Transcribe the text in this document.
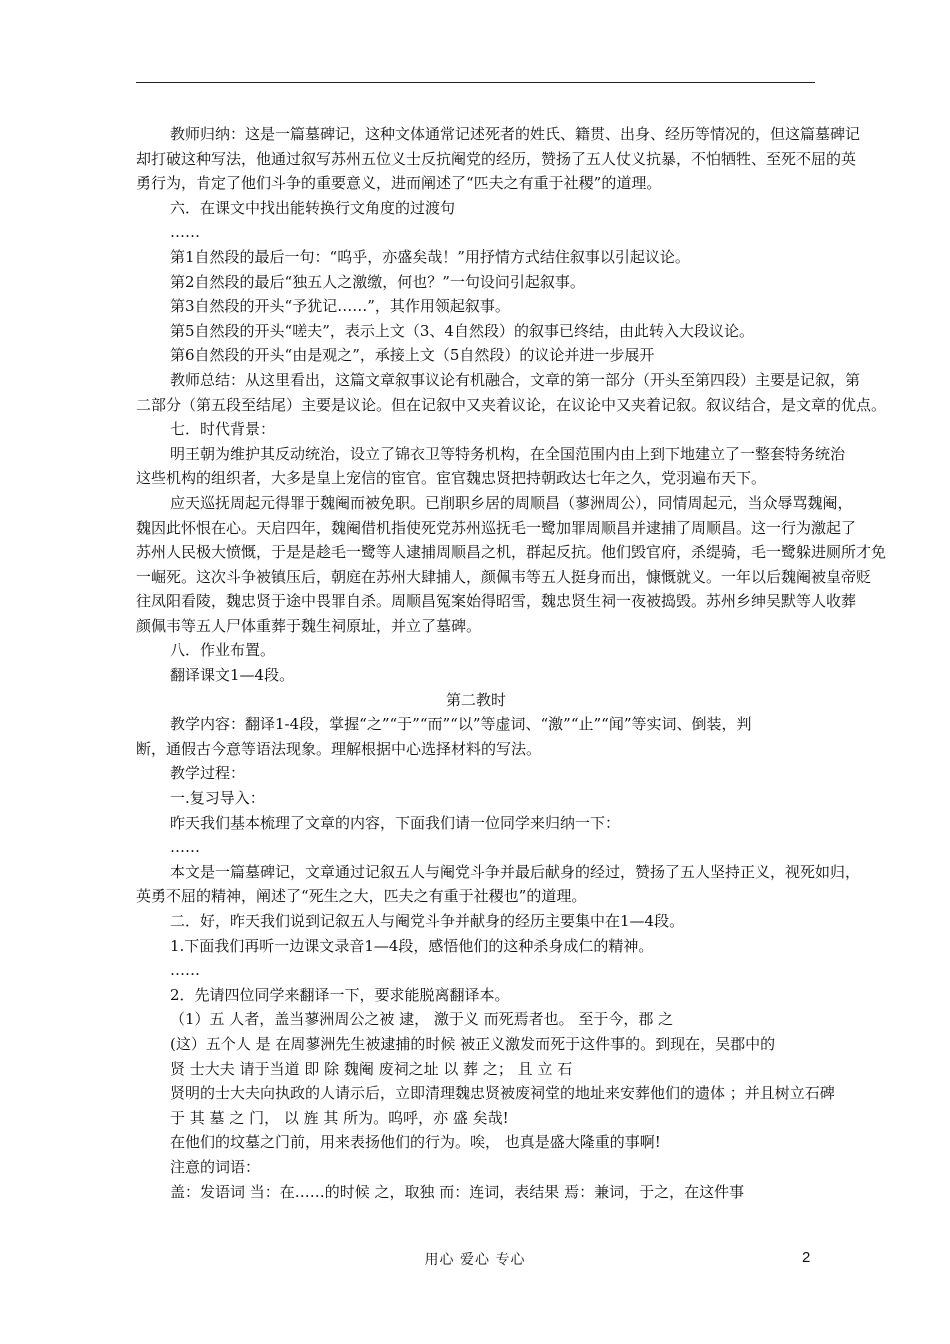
教师归纳：这是一篇墓碑记，这种文体通常记述死者的姓氏、籍贯、出身、经历等情况的，但这篇墓碑记
却打破这种写法，他通过叙写苏州五位义士反抗阉党的经历，赞扬了五人仗义抗暴，不怕牺牲、至死不屈的英
勇行为，肯定了他们斗争的重要意义，进而阐述了“匹夫之有重于社稷”的道理。
六．在课文中找出能转换行文角度的过渡句
……
第1自然段的最后一句：“呜乎，亦盛矣哉！”用抒情方式结住叙事以引起议论。
第2自然段的最后“独五人之激缴，何也？”一句设问引起叙事。
第3自然段的开头“予犹记……”，其作用领起叙事。
第5自然段的开头“嗟夫”，表示上文（3、4自然段）的叙事已终结，由此转入大段议论。
第6自然段的开头“由是观之”，承接上文（5自然段）的议论并进一步展开
教师总结：从这里看出，这篇文章叙事议论有机融合，文章的第一部分（开头至第四段）主要是记叙，第
二部分（第五段至结尾）主要是议论。但在记叙中又夹着议论，在议论中又夹着记叙。叙议结合，是文章的优点。
七．时代背景：
明王朝为维护其反动统治，设立了锦衣卫等特务机构，在全国范围内由上到下地建立了一整套特务统治
这些机构的组织者，大多是皇上宠信的宦官。宦官魏忠贤把持朝政达七年之久，党羽遍布天下。
应天巡抚周起元得罪于魏阉而被免职。已削职乡居的周顺昌（蓼洲周公），同情周起元，当众辱骂魏阉，
魏因此怀恨在心。天启四年，魏阉借机指使死党苏州巡抚毛一鹭加罪周顺昌并逮捕了周顺昌。这一行为激起了
苏州人民极大愤慨，于是是趁毛一鹭等人逮捕周顺昌之机，群起反抗。他们毁官府，杀缇骑，毛一鹭躲进厕所才免
一崛死。这次斗争被镇压后，朝庭在苏州大肆捕人，颜佩韦等五人挺身而出，慷慨就义。一年以后魏阉被皇帝贬
往凤阳看陵，魏忠贤于途中畏罪自杀。周顺昌冤案始得昭雪，魏忠贤生祠一夜被捣毁。苏州乡绅吴默等人收葬
颜佩韦等五人尸体重葬于魏生祠原址，并立了墓碑。
八．作业布置。
翻译课文1—4段。
第二教时
教学内容：翻译1-4段，掌握“之”“于”“而”“以”等虚词、“激”“止”“闻”等实词、倒装，判
断，通假古今意等语法现象。理解根据中心选择材料的写法。
教学过程：
一.复习导入：
昨天我们基本梳理了文章的内容，下面我们请一位同学来归纳一下：
……
本文是一篇墓碑记，文章通过记叙五人与阉党斗争并最后献身的经过，赞扬了五人坚持正义，视死如归，
英勇不屈的精神，阐述了“死生之大，匹夫之有重于社稷也”的道理。
二．好，昨天我们说到记叙五人与阉党斗争并献身的经历主要集中在1—4段。
1.下面我们再听一边课文录音1—4段，感悟他们的这种杀身成仁的精神。
……
2．先请四位同学来翻译一下，要求能脱离翻译本。
（1）五 人者，盖当蓼洲周公之被 逮， 激于义 而死焉者也。 至于今，郡 之
(这）五个人 是 在周蓼洲先生被逮捕的时候 被正义激发而死于这件事的。到现在，吴郡中的
贤 士大夫 请于当道 即 除 魏阉 废祠之址 以 葬 之； 且 立 石
贤明的士大夫向执政的人请示后，立即清理魏忠贤被废祠堂的地址来安葬他们的遗体 ；并且树立石碑
于 其 墓 之 门， 以 旌 其 所为。呜呼，亦 盛 矣哉!
在他们的坟墓之门前，用来表扬他们的行为。唉， 也真是盛大隆重的事啊!
注意的词语：
盖：发语词 当：在……的时候 之，取独 而：连词，表结果 焉：兼词，于之，在这件事
用心 爱心 专心	2
